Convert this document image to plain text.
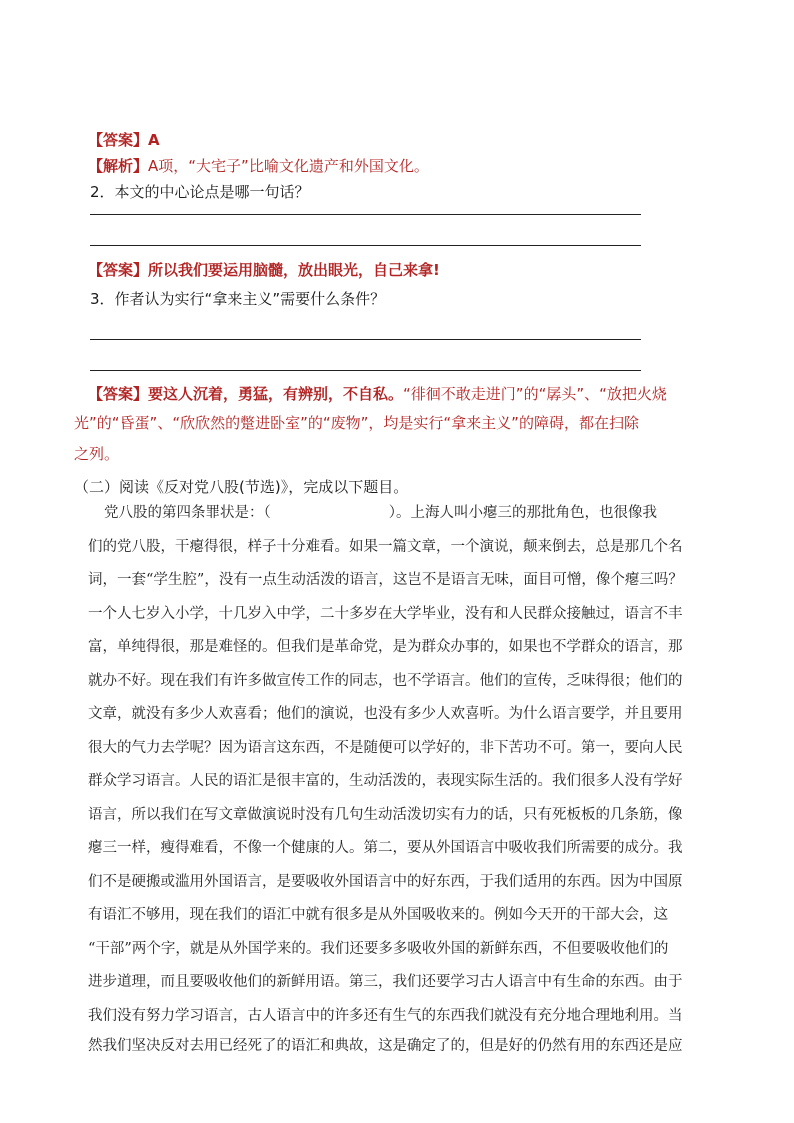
【答案】A
【解析】A项，“大宅子”比喻文化遗产和外国文化。
2．本文的中心论点是哪一句话？
【答案】所以我们要运用脑髓，放出眼光，自己来拿!
3．作者认为实行“拿来主义”需要什么条件？
【答案】要这人沉着，勇猛，有辨别，不自私。“徘徊不敢走进门”的“孱头”、“放把火烧
光”的“昏蛋”、“欣欣然的蹩进卧室”的“废物”，均是实行“拿来主义”的障碍，都在扫除
之列。
（二）阅读《反对党八股(节选)》，完成以下题目。
党八股的第四条罪状是：（	）。上海人叫小瘪三的那批角色，也很像我
们的党八股，干瘪得很，样子十分难看。如果一篇文章，一个演说，颠来倒去，总是那几个名
词，一套“学生腔”，没有一点生动活泼的语言，这岂不是语言无味，面目可憎，像个瘪三吗？
一个人七岁入小学，十几岁入中学，二十多岁在大学毕业，没有和人民群众接触过，语言不丰
富，单纯得很，那是难怪的。但我们是革命党，是为群众办事的，如果也不学群众的语言，那
就办不好。现在我们有许多做宣传工作的同志，也不学语言。他们的宣传，乏味得很；他们的
文章，就没有多少人欢喜看；他们的演说，也没有多少人欢喜听。为什么语言要学，并且要用
很大的气力去学呢？因为语言这东西，不是随便可以学好的，非下苦功不可。第一，要向人民
群众学习语言。人民的语汇是很丰富的，生动活泼的，表现实际生活的。我们很多人没有学好
语言，所以我们在写文章做演说时没有几句生动活泼切实有力的话，只有死板板的几条筋，像
瘪三一样，瘦得难看，不像一个健康的人。第二，要从外国语言中吸收我们所需要的成分。我
们不是硬搬或滥用外国语言，是要吸收外国语言中的好东西，于我们适用的东西。因为中国原
有语汇不够用，现在我们的语汇中就有很多是从外国吸收来的。例如今天开的干部大会，这
“干部”两个字，就是从外国学来的。我们还要多多吸收外国的新鲜东西，不但要吸收他们的
进步道理，而且要吸收他们的新鲜用语。第三，我们还要学习古人语言中有生命的东西。由于
我们没有努力学习语言，古人语言中的许多还有生气的东西我们就没有充分地合理地利用。当
然我们坚决反对去用已经死了的语汇和典故，这是确定了的，但是好的仍然有用的东西还是应
